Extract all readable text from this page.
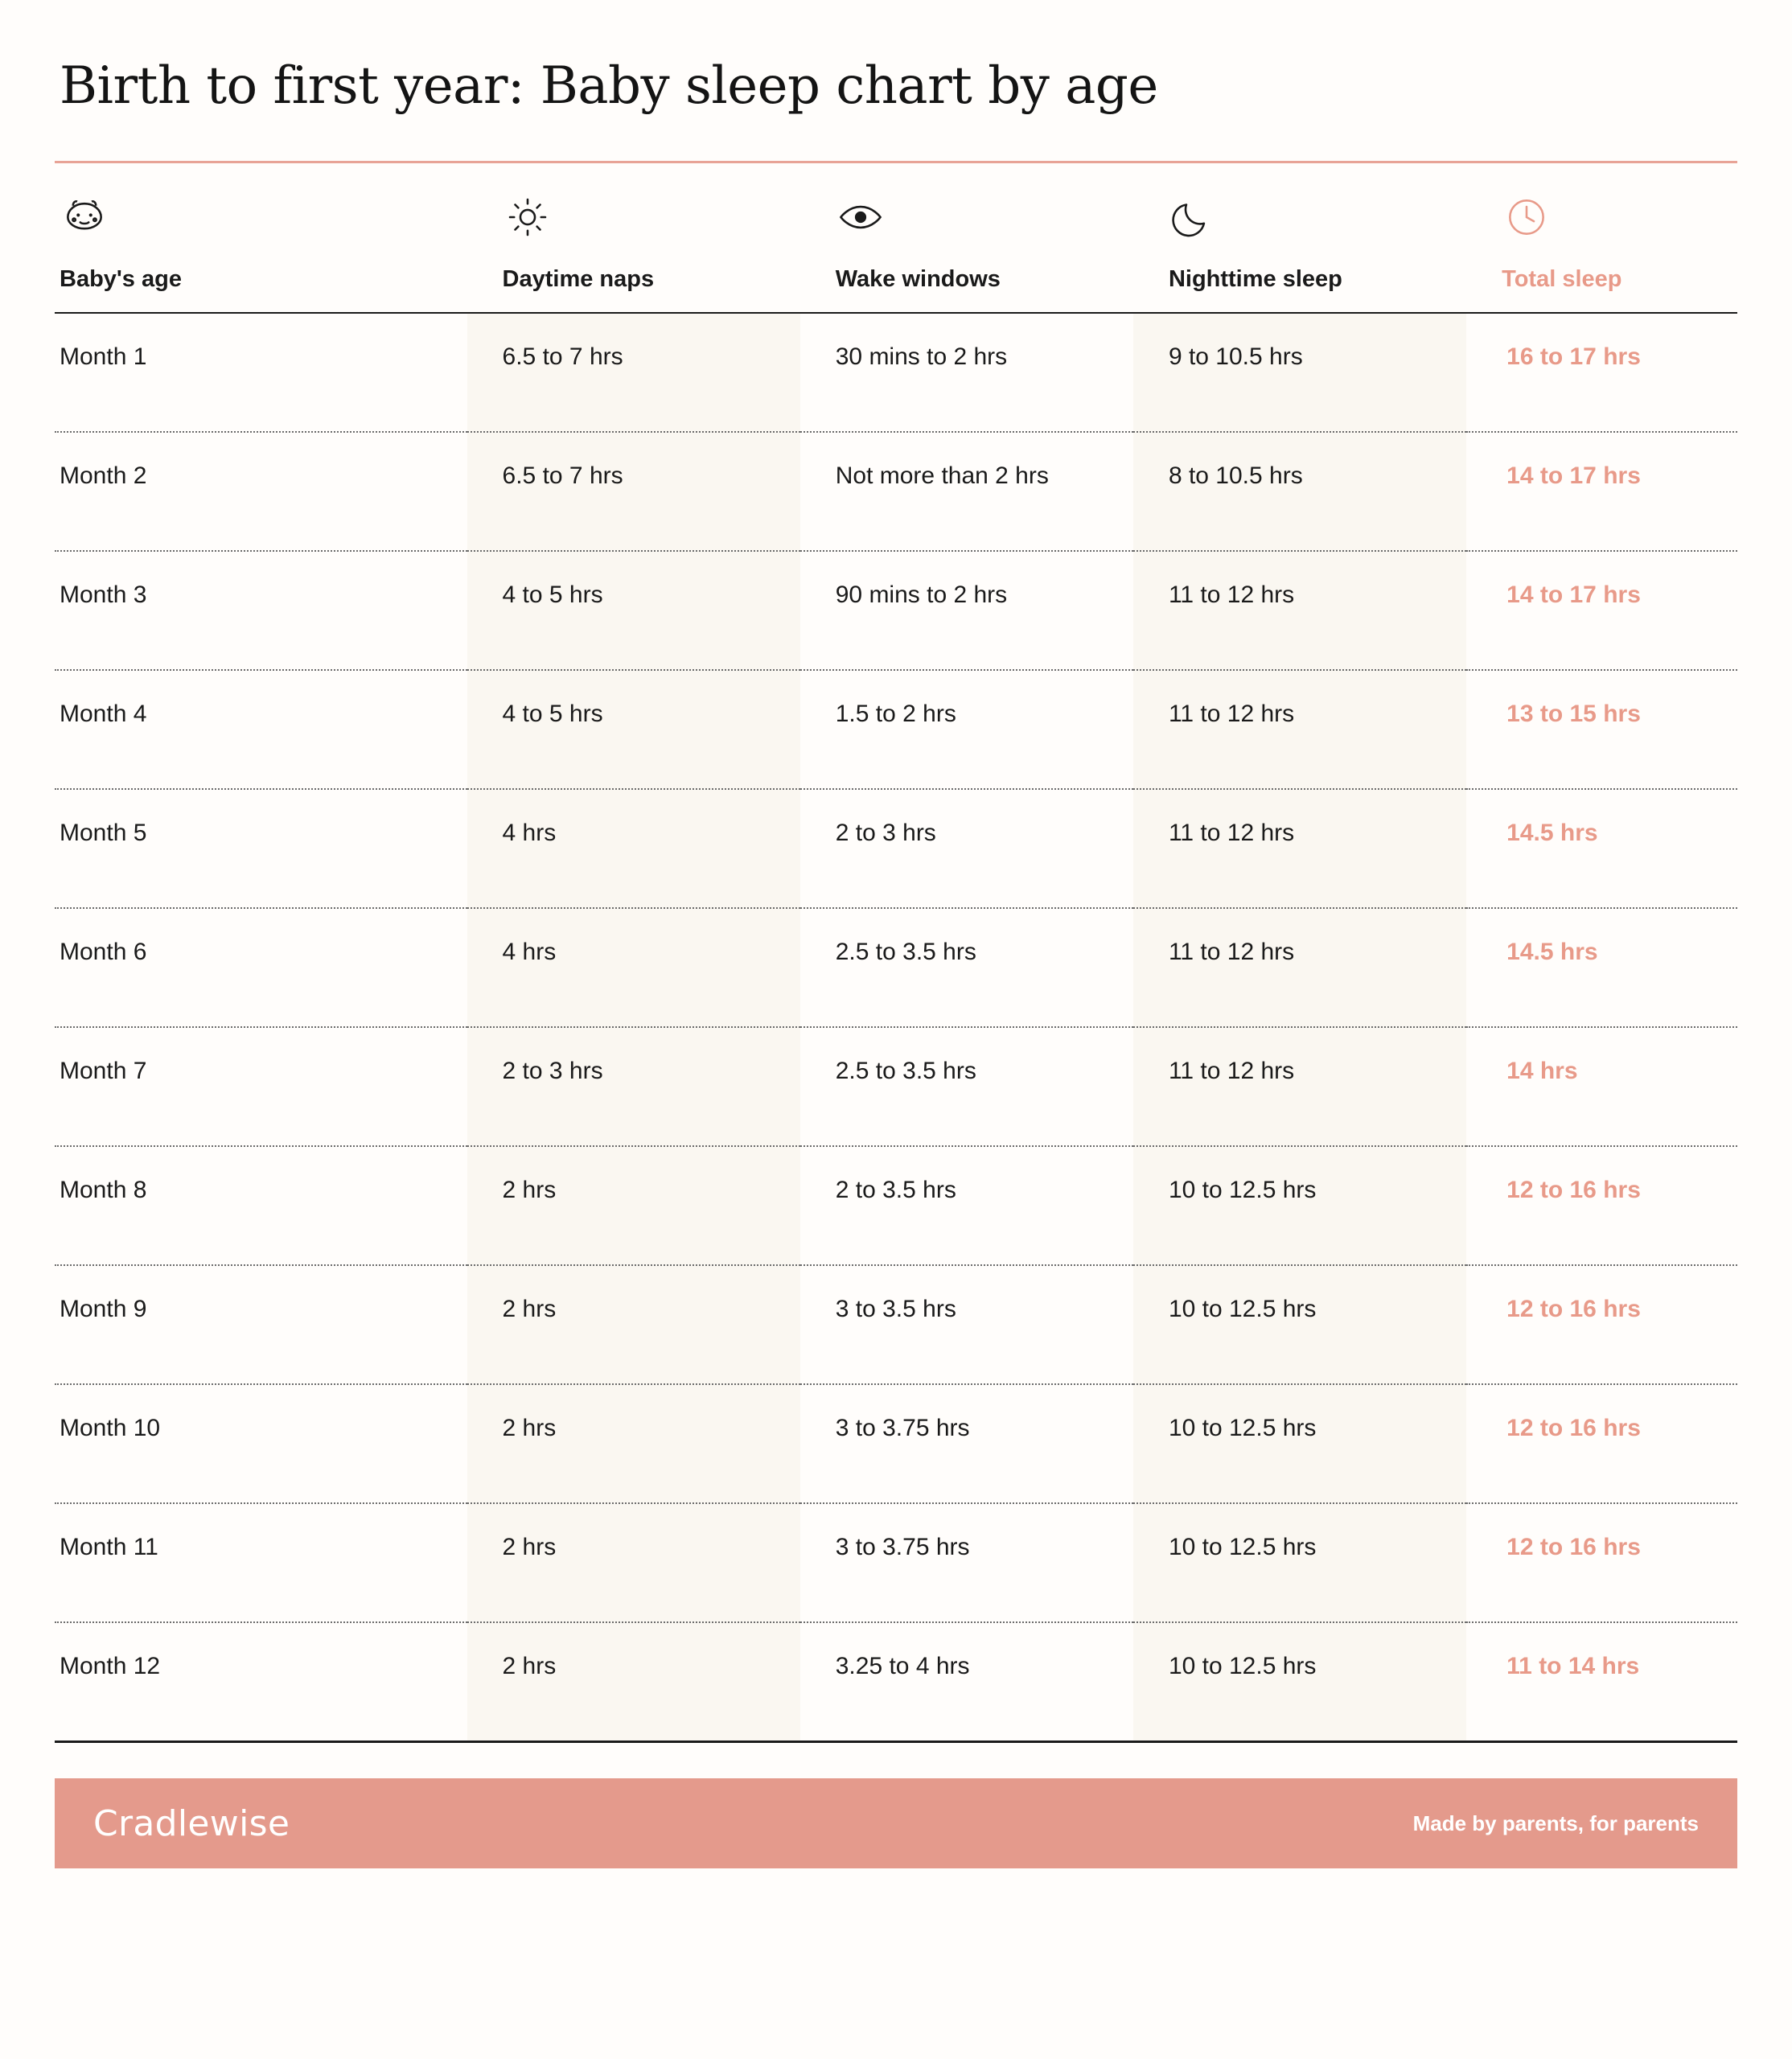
Birth to first year: Baby sleep chart by age
Baby's age	Daytime naps	Wake windows	Nighttime sleep	Total sleep

Month 1	6.5 to 7 hrs	30 mins to 2 hrs	9 to 10.5 hrs	16 to 17 hrs
Month 2	6.5 to 7 hrs	Not more than 2 hrs	8 to 10.5 hrs	14 to 17 hrs
Month 3	4 to 5 hrs	90 mins to 2 hrs	11 to 12 hrs	14 to 17 hrs
Month 4	4 to 5 hrs	1.5 to 2 hrs	11 to 12 hrs	13 to 15 hrs
Month 5	4 hrs	2 to 3 hrs	11 to 12 hrs	14.5 hrs
Month 6	4 hrs	2.5 to 3.5 hrs	11 to 12 hrs	14.5 hrs
Month 7	2 to 3 hrs	2.5 to 3.5 hrs	11 to 12 hrs	14 hrs
Month 8	2 hrs	2 to 3.5 hrs	10 to 12.5 hrs	12 to 16 hrs
Month 9	2 hrs	3 to 3.5 hrs	10 to 12.5 hrs	12 to 16 hrs
Month 10	2 hrs	3 to 3.75 hrs	10 to 12.5 hrs	12 to 16 hrs
Month 11	2 hrs	3 to 3.75 hrs	10 to 12.5 hrs	12 to 16 hrs
Month 12	2 hrs	3.25 to 4 hrs	10 to 12.5 hrs	11 to 14 hrs
Cradlewise	Made by parents, for parents
